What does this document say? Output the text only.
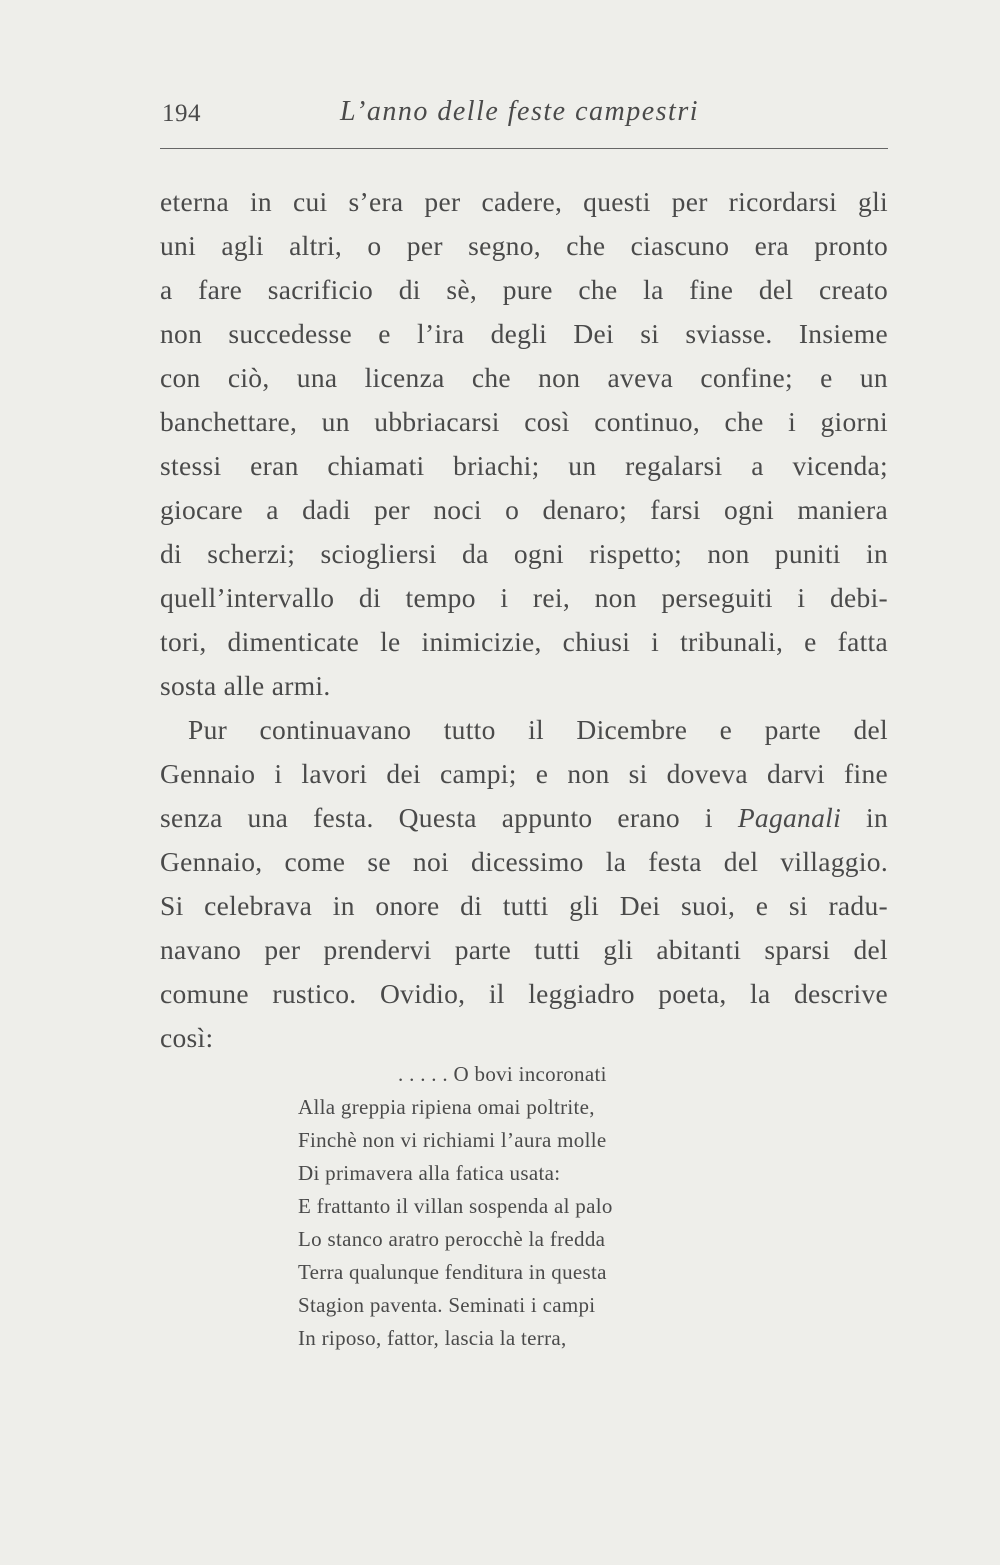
194	L’anno delle feste campestri
eterna in cui s’era per cadere, questi per ricordarsi gli
uni agli altri, o per segno, che ciascuno era pronto
a fare sacrificio di sè, pure che la fine del creato
non succedesse e l’ira degli Dei si sviasse. Insieme
con ciò, una licenza che non aveva confine; e un
banchettare, un ubbriacarsi così continuo, che i giorni
stessi eran chiamati briachi; un regalarsi a vicenda;
giocare a dadi per noci o denaro; farsi ogni maniera
di scherzi; sciogliersi da ogni rispetto; non puniti in
quell’intervallo di tempo i rei, non perseguiti i debi-
tori, dimenticate le inimicizie, chiusi i tribunali, e fatta
sosta alle armi.
Pur continuavano tutto il Dicembre e parte del
Gennaio i lavori dei campi; e non si doveva darvi fine
senza una festa. Questa appunto erano i Paganali in
Gennaio, come se noi dicessimo la festa del villaggio.
Si celebrava in onore di tutti gli Dei suoi, e si radu-
navano per prendervi parte tutti gli abitanti sparsi del
comune rustico. Ovidio, il leggiadro poeta, la descrive
così:
. . . . . O bovi incoronati
Alla greppia ripiena omai poltrite,
Finchè non vi richiami l’aura molle
Di primavera alla fatica usata:
E frattanto il villan sospenda al palo
Lo stanco aratro perocchè la fredda
Terra qualunque fenditura in questa
Stagion paventa. Seminati i campi
In riposo, fattor, lascia la terra,
